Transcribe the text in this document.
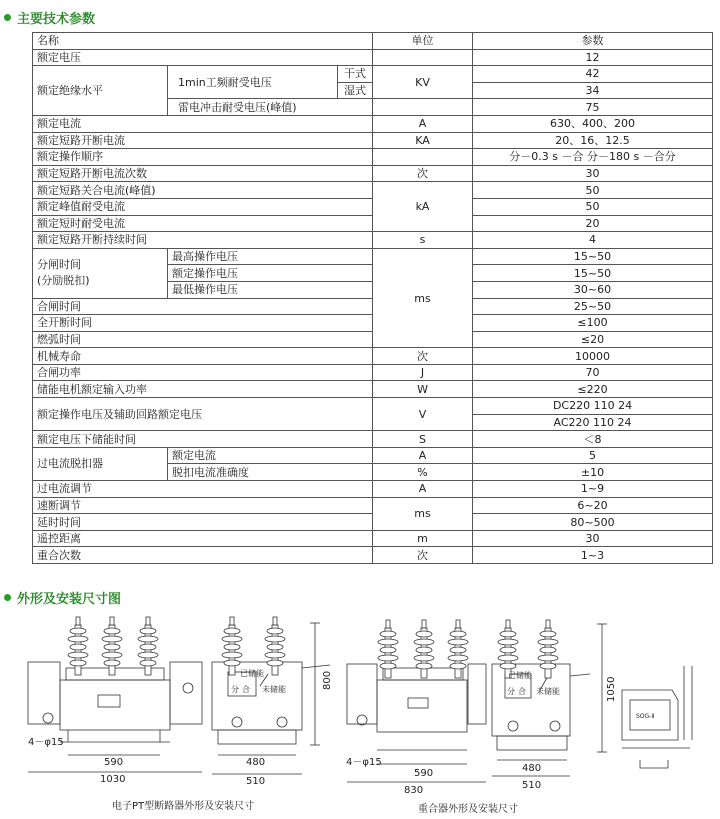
主要技术参数
名称			单位	参数
额定电压				12
额定绝缘水平	1min工频耐受电压	干式	KV	42
		湿式		34
	雷电冲击耐受电压(峰值)			75
额定电流			A	630、400、200
额定短路开断电流			KA	20、16、12.5
额定操作顺序				分－0.3 s －合 分－180 s －合分
额定短路开断电流次数			次	30
额定短路关合电流(峰值)			kA	50
额定峰值耐受电流				50
额定短时耐受电流				20
额定短路开断持续时间			s	4

分闸时间
(分励脱扣)	最高操作电压		ms	15~50
	额定操作电压			15~50
	最低操作电压			30~60
合闸时间				25~50
全开断时间				≤100
燃弧时间				≤20
机械寿命			次	10000
合闸功率			J	70
储能电机额定输入功率			W	≤220
额定操作电压及辅助回路额定电压			V	DC220 110 24
				AC220 110 24
额定电压下储能时间			S	＜8
过电流脱扣器	额定电流		A	5
	脱扣电流准确度		%	±10
过电流调节			A	1~9
速断调节			ms	6~20
延时时间				80~500
遥控距离			m	30
重合次数			次	1~3
外形及安装尺寸图
4－φ15
590
1030
480
510
800
4－φ15
590
830
480
510
1050
已储能
分 合 未储能
已储能
分 合 未储能
SOG-Ⅱ
电子PT型断路器外形及安装尺寸	重合器外形及安装尺寸
